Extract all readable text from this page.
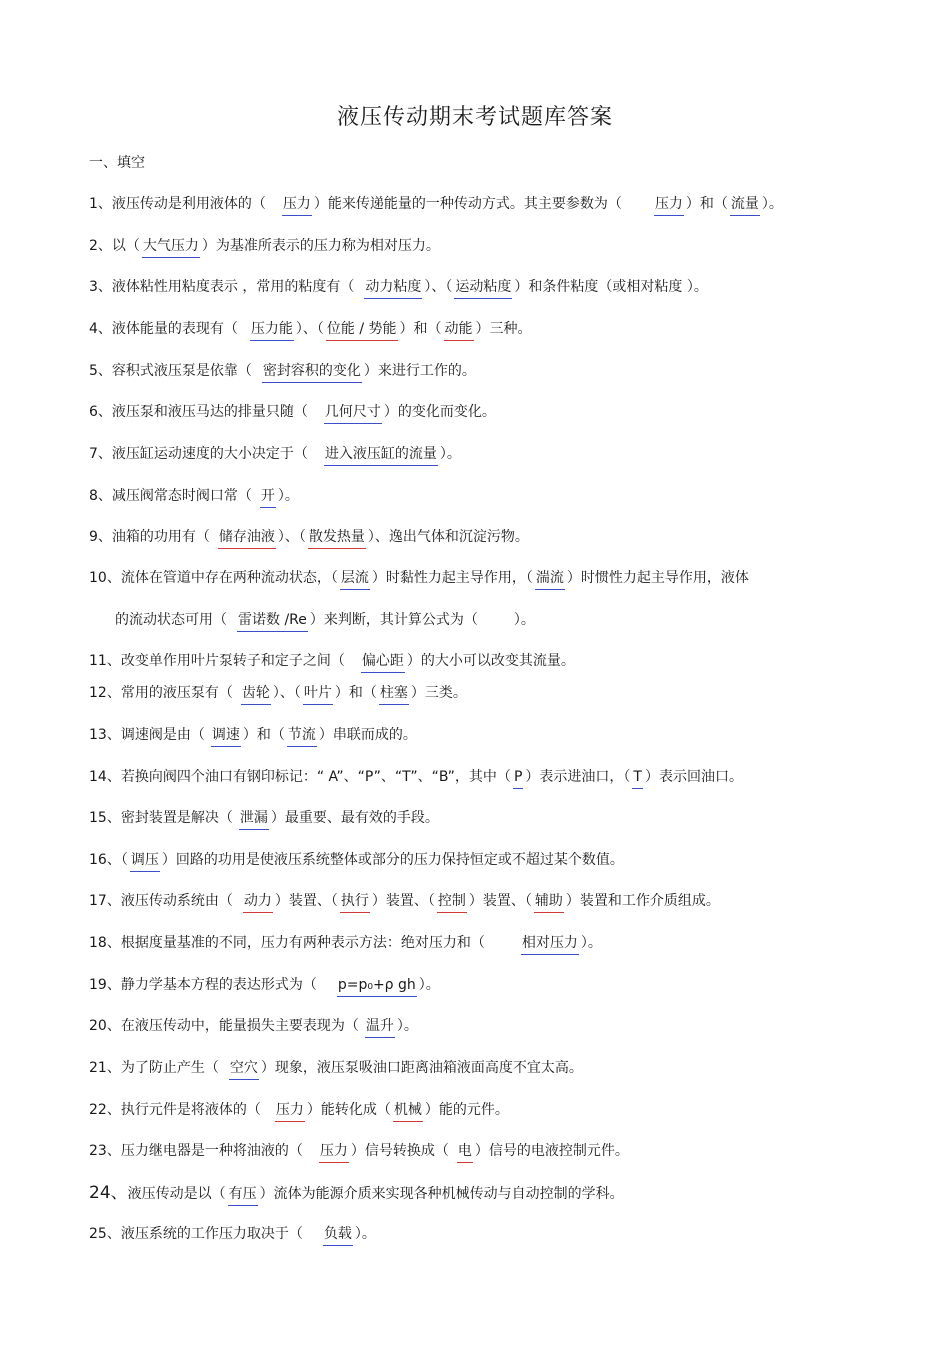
液压传动期末考试题库答案
一、填空
1、液压传动是利用液体的（ 压力 ）能来传递能量的一种传动方式。其主要参数为（ 压力 ）和（ 流量 ）。
2、以（ 大气压力 ）为基准所表示的压力称为相对压力。
3、液体粘性用粘度表示 ，常用的粘度有（ 动力粘度 ）、（ 运动粘度 ）和条件粘度（或相对粘度 ）。
4、液体能量的表现有（ 压力能 ）、（ 位能 / 势能 ）和（ 动能 ）三种。
5、容积式液压泵是依靠（ 密封容积的变化 ）来进行工作的。
6、液压泵和液压马达的排量只随（ 几何尺寸 ）的变化而变化。
7、液压缸运动速度的大小决定于（ 进入液压缸的流量 ）。
8、减压阀常态时阀口常（ 开 ）。
9、油箱的功用有（ 储存油液 ）、（ 散发热量 ）、逸出气体和沉淀污物。
10、流体在管道中存在两种流动状态，（ 层流 ）时黏性力起主导作用，（ 湍流 ）时惯性力起主导作用，液体
的流动状态可用（ 雷诺数 /Re ）来判断，其计算公式为（	）。
11、改变单作用叶片泵转子和定子之间（ 偏心距 ）的大小可以改变其流量。
12、常用的液压泵有（ 齿轮 ）、（ 叶片 ）和（ 柱塞 ）三类。
13、调速阀是由（ 调速 ）和（ 节流 ）串联而成的。
14、若换向阀四个油口有钢印标记：“ A”、“P”、“T”、“B”，其中（ P ）表示进油口，（ T ）表示回油口。
15、密封装置是解决（ 泄漏 ）最重要、最有效的手段。
16、（ 调压 ）回路的功用是使液压系统整体或部分的压力保持恒定或不超过某个数值。
17、液压传动系统由（ 动力 ）装置、（ 执行 ）装置、（ 控制 ）装置、（ 辅助 ）装置和工作介质组成。
18、根据度量基准的不同，压力有两种表示方法：绝对压力和（	相对压力 ）。
19、静力学基本方程的表达形式为（ p=p₀+ρ gh ）。
20、在液压传动中，能量损失主要表现为（ 温升 ）。
21、为了防止产生（ 空穴 ）现象，液压泵吸油口距离油箱液面高度不宜太高。
22、执行元件是将液体的（ 压力 ）能转化成（ 机械 ）能的元件。
23、压力继电器是一种将油液的（ 压力 ）信号转换成（ 电 ）信号的电液控制元件。
24、液压传动是以（ 有压 ）流体为能源介质来实现各种机械传动与自动控制的学科。
25、液压系统的工作压力取决于（ 负载 ）。
